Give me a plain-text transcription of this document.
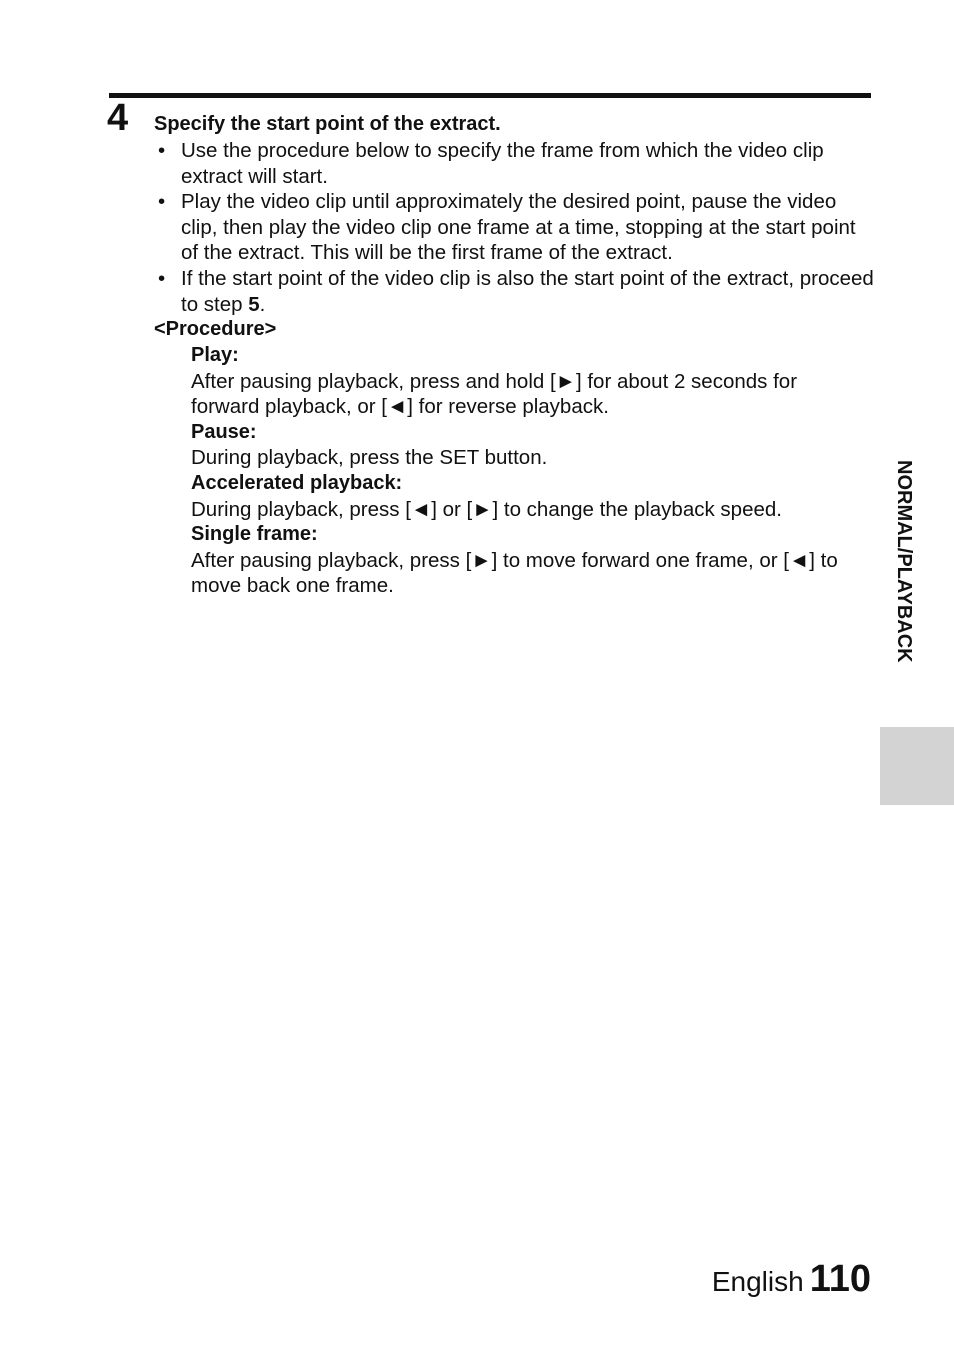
4 Specify the start point of the extract.
• Use the procedure below to specify the frame from which the video clip extract will start.
• Play the video clip until approximately the desired point, pause the video clip, then play the video clip one frame at a time, stopping at the start point of the extract. This will be the first frame of the extract.
• If the start point of the video clip is also the start point of the extract, proceed to step 5.
<Procedure>
Play:
After pausing playback, press and hold [►] for about 2 seconds for forward playback, or [◄] for reverse playback.
Pause:
During playback, press the SET button.
Accelerated playback:
During playback, press [◄] or [►] to change the playback speed.
Single frame:
After pausing playback, press [►] to move forward one frame, or [◄] to move back one frame.	NORMAL/PLAYBACK
English 110
